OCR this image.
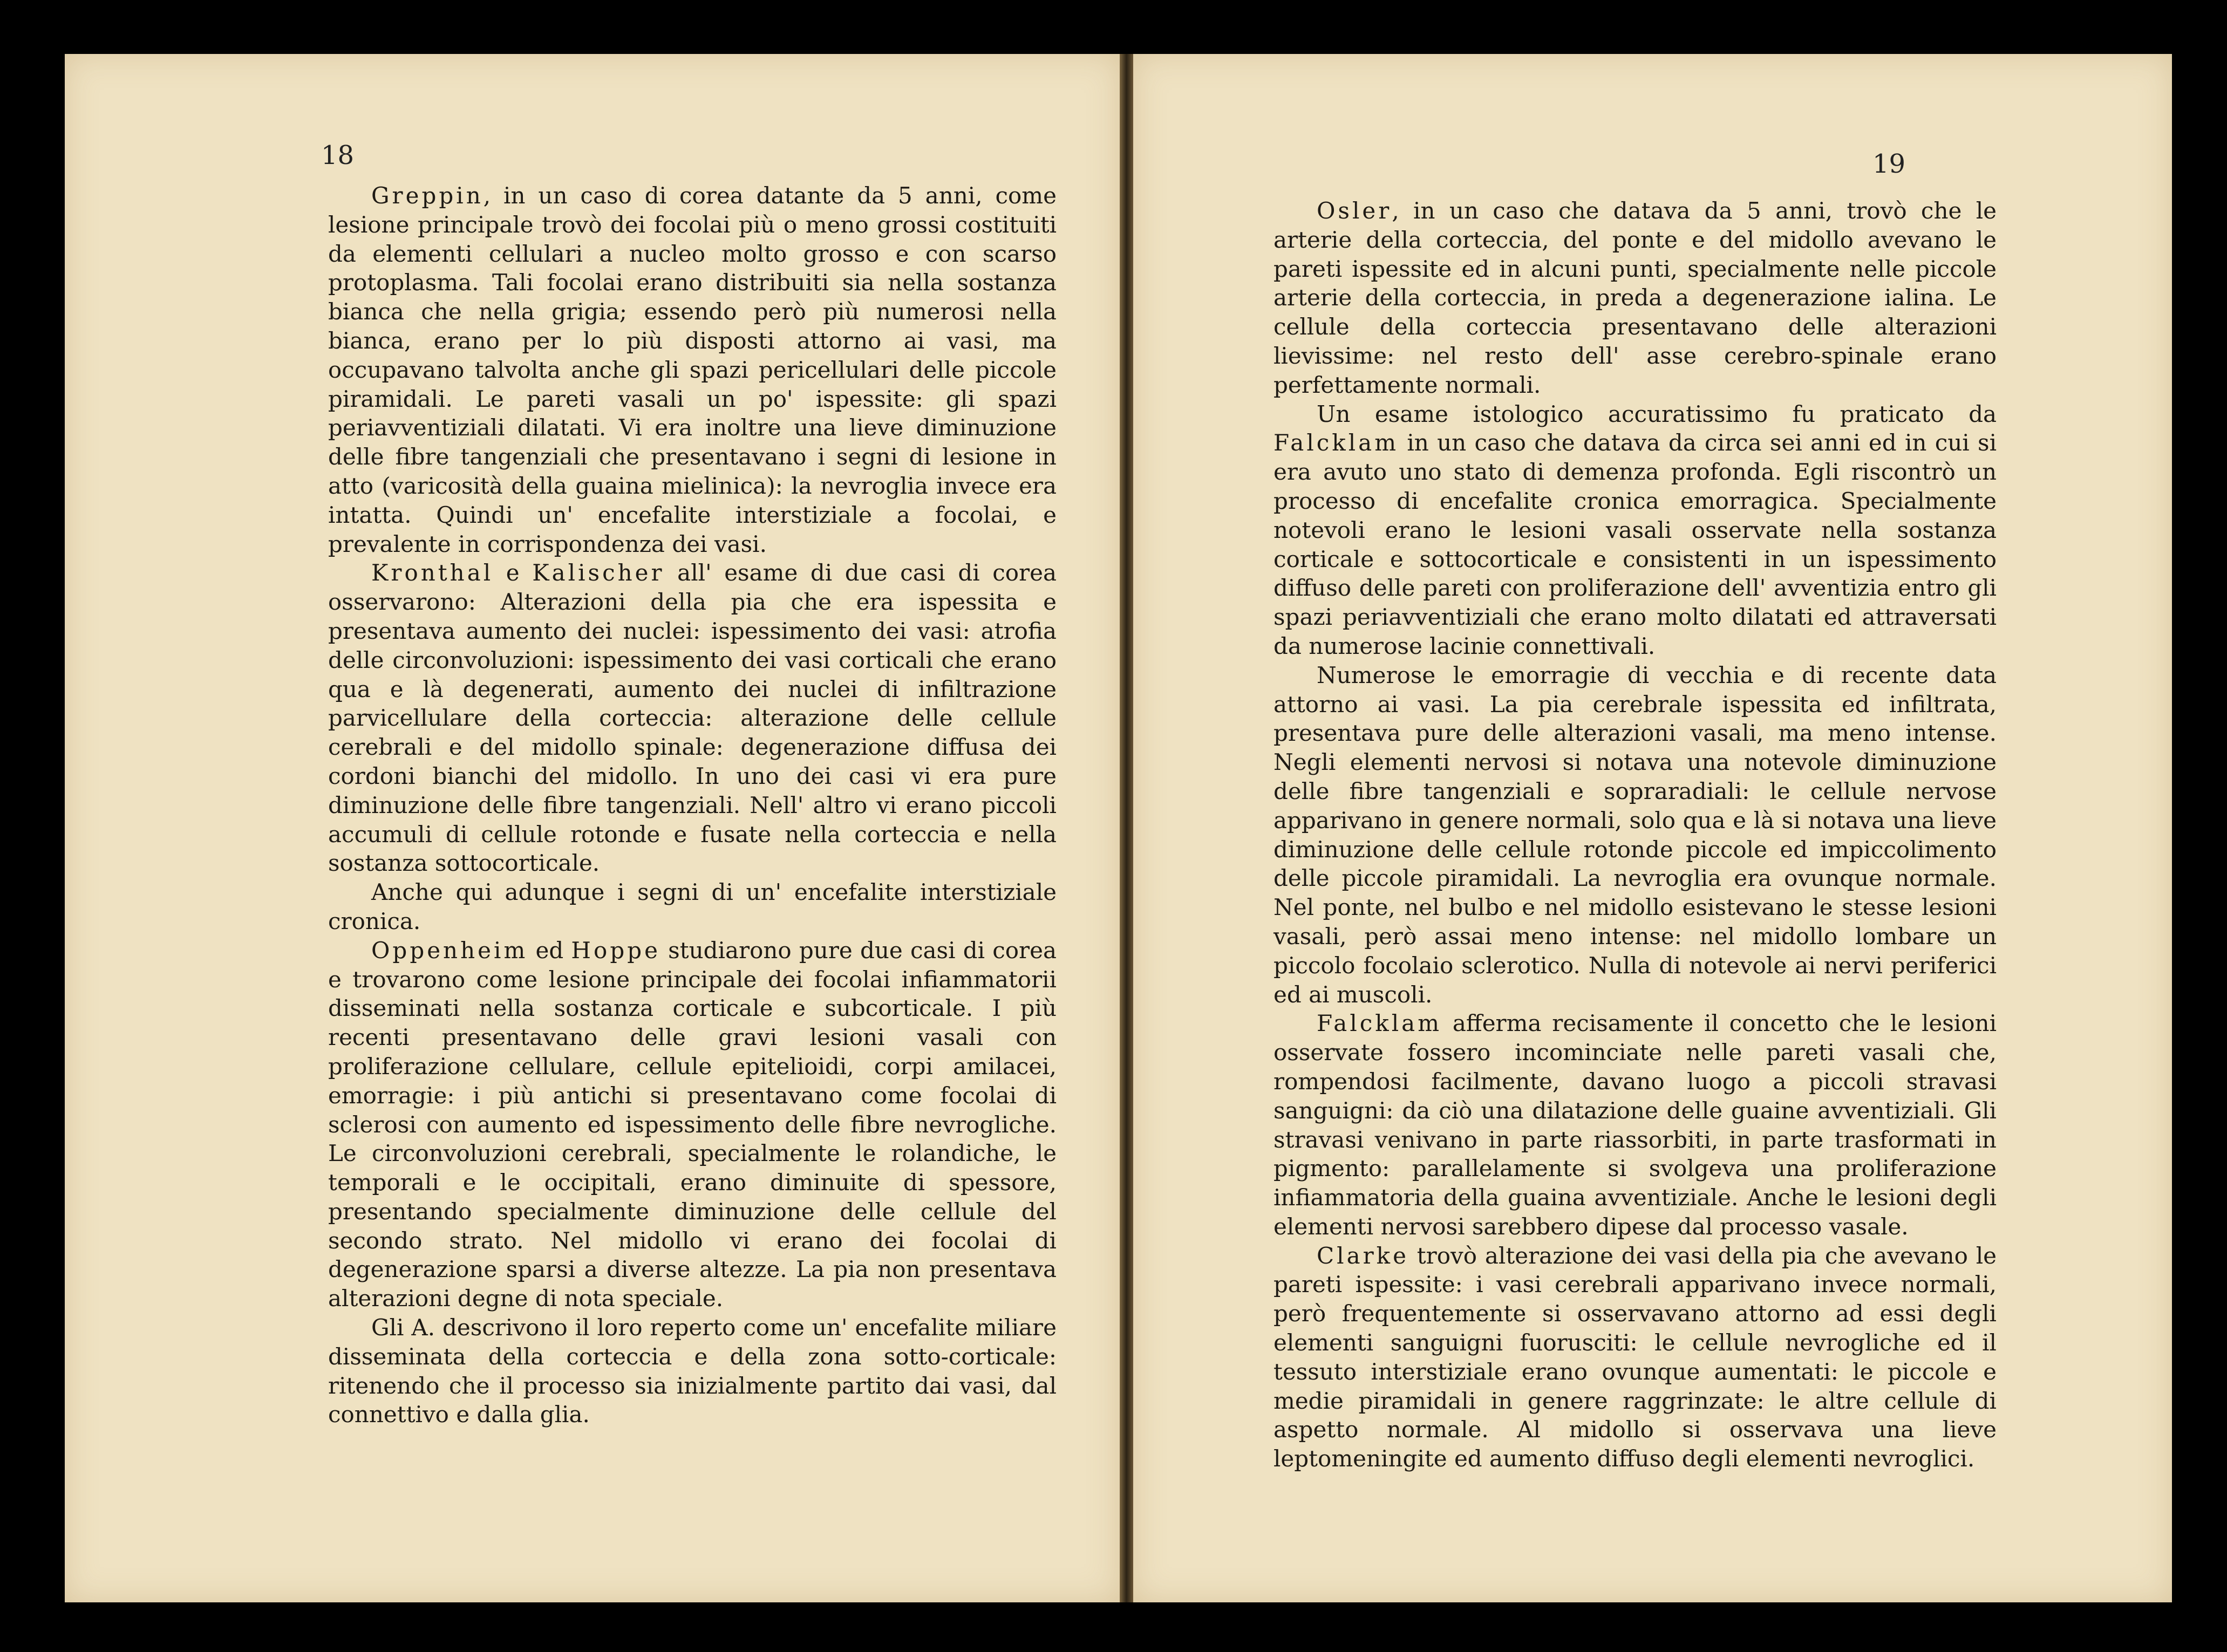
18

Greppin, in un caso di corea datante da 5 anni, come lesione principale trovò dei focolai più o meno grossi costituiti da elementi cellulari a nucleo molto grosso e con scarso protoplasma. Tali focolai erano distribuiti sia nella sostanza bianca che nella grigia; essendo però più numerosi nella bianca, erano per lo più disposti attorno ai vasi, ma occupavano talvolta anche gli spazi pericellulari delle piccole piramidali. Le pareti vasali un po' ispessite: gli spazi periavventiziali dilatati. Vi era inoltre una lieve diminuzione delle fibre tangenziali che presentavano i segni di lesione in atto (varicosità della guaina mielinica): la nevroglia invece era intatta. Quindi un' encefalite interstiziale a focolai, e prevalente in corrispondenza dei vasi.

Kronthal e Kalischer all' esame di due casi di corea osservarono: Alterazioni della pia che era ispessita e presentava aumento dei nuclei: ispessimento dei vasi: atrofia delle circonvoluzioni: ispessimento dei vasi corticali che erano qua e là degenerati, aumento dei nuclei di infiltrazione parvicellulare della corteccia: alterazione delle cellule cerebrali e del midollo spinale: degenerazione diffusa dei cordoni bianchi del midollo. In uno dei casi vi era pure diminuzione delle fibre tangenziali. Nell' altro vi erano piccoli accumuli di cellule rotonde e fusate nella corteccia e nella sostanza sottocorticale.

Anche qui adunque i segni di un' encefalite interstiziale cronica.

Oppenheim ed Hoppe studiarono pure due casi di corea e trovarono come lesione principale dei focolai infiammatorii disseminati nella sostanza corticale e subcorticale. I più recenti presentavano delle gravi lesioni vasali con proliferazione cellulare, cellule epitelioidi, corpi amilacei, emorragie: i più antichi si presentavano come focolai di sclerosi con aumento ed ispessimento delle fibre nevrogliche. Le circonvoluzioni cerebrali, specialmente le rolandiche, le temporali e le occipitali, erano diminuite di spessore, presentando specialmente diminuzione delle cellule del secondo strato. Nel midollo vi erano dei focolai di degenerazione sparsi a diverse altezze. La pia non presentava alterazioni degne di nota speciale.

Gli A. descrivono il loro reperto come un' encefalite miliare disseminata della corteccia e della zona sotto-corticale: ritenendo che il processo sia inizialmente partito dai vasi, dal connettivo e dalla glia.

19

Osler, in un caso che datava da 5 anni, trovò che le arterie della corteccia, del ponte e del midollo avevano le pareti ispessite ed in alcuni punti, specialmente nelle piccole arterie della corteccia, in preda a degenerazione ialina. Le cellule della corteccia presentavano delle alterazioni lievissime: nel resto dell' asse cerebro-spinale erano perfettamente normali.

Un esame istologico accuratissimo fu praticato da Falcklam in un caso che datava da circa sei anni ed in cui si era avuto uno stato di demenza profonda. Egli riscontrò un processo di encefalite cronica emorragica. Specialmente notevoli erano le lesioni vasali osservate nella sostanza corticale e sottocorticale e consistenti in un ispessimento diffuso delle pareti con proliferazione dell' avventizia entro gli spazi periavventiziali che erano molto dilatati ed attraversati da numerose lacinie connettivali.

Numerose le emorragie di vecchia e di recente data attorno ai vasi. La pia cerebrale ispessita ed infiltrata, presentava pure delle alterazioni vasali, ma meno intense. Negli elementi nervosi si notava una notevole diminuzione delle fibre tangenziali e sopraradiali: le cellule nervose apparivano in genere normali, solo qua e là si notava una lieve diminuzione delle cellule rotonde piccole ed impiccolimento delle piccole piramidali. La nevroglia era ovunque normale. Nel ponte, nel bulbo e nel midollo esistevano le stesse lesioni vasali, però assai meno intense: nel midollo lombare un piccolo focolaio sclerotico. Nulla di notevole ai nervi periferici ed ai muscoli.

Falcklam afferma recisamente il concetto che le lesioni osservate fossero incominciate nelle pareti vasali che, rompendosi facilmente, davano luogo a piccoli stravasi sanguigni: da ciò una dilatazione delle guaine avventiziali. Gli stravasi venivano in parte riassorbiti, in parte trasformati in pigmento: parallelamente si svolgeva una proliferazione infiammatoria della guaina avventiziale. Anche le lesioni degli elementi nervosi sarebbero dipese dal processo vasale.

Clarke trovò alterazione dei vasi della pia che avevano le pareti ispessite: i vasi cerebrali apparivano invece normali, però frequentemente si osservavano attorno ad essi degli elementi sanguigni fuorusciti: le cellule nevrogliche ed il tessuto interstiziale erano ovunque aumentati: le piccole e medie piramidali in genere raggrinzate: le altre cellule di aspetto normale. Al midollo si osservava una lieve leptomeningite ed aumento diffuso degli elementi nevroglici.
